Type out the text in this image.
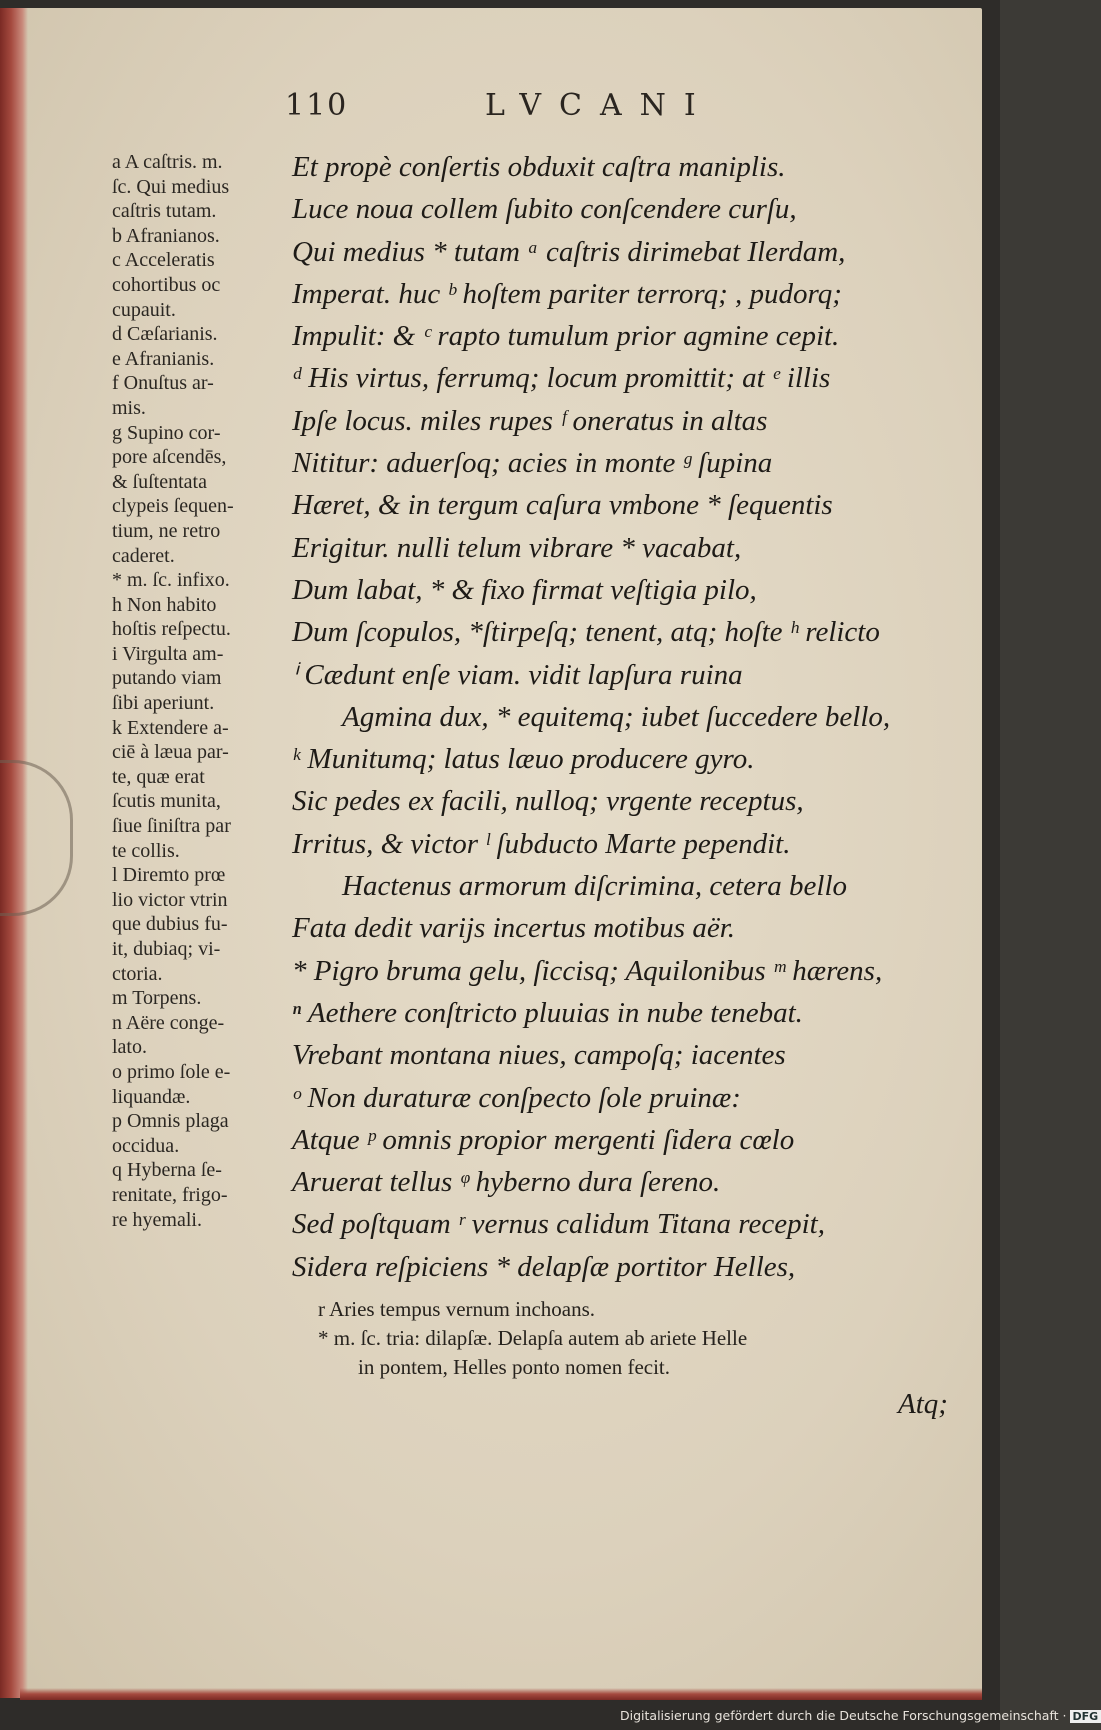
110	LVCANI
a A caſtris. m.
ſc. Qui medius
caſtris tutam.
b Afranianos.
c Acceleratis
cohortibus oc
cupauit.
d Cæſarianis.
e Afranianis.
f Onuſtus ar-
mis.
g Supino cor-
pore aſcendēs,
& ſuſtentata
clypeis ſequen-
tium, ne retro
caderet.
* m. ſc. infixo.
h Non habito
hoſtis reſpectu.
i Virgulta am-
putando viam
ſibi aperiunt.
k Extendere a-
ciē à læua par-
te, quæ erat
ſcutis munita,
ſiue ſiniſtra par
te collis.
l Diremto prœ
lio victor vtrin
que dubius fu-
it, dubiaq; vi-
ctoria.
m Torpens.
n Aëre conge-
lato.
o primo ſole e-
liquandæ.
p Omnis plaga
occidua.
q Hyberna ſe-
renitate, frigo-
re hyemali.
Et propè conſertis obduxit caſtra maniplis.
Luce noua collem ſubito conſcendere curſu,
Qui medius * tutam ᵃ caſtris dirimebat Ilerdam,
Imperat. huc ᵇ hoſtem pariter terrorq; , pudorq;
Impulit: & ᶜ rapto tumulum prior agmine cepit.
ᵈ His virtus, ferrumq; locum promittit; at ᵉ illis
Ipſe locus. miles rupes ᶠ oneratus in altas
Nititur: aduerſoq; acies in monte ᵍ ſupina
Hæret, & in tergum caſura vmbone * ſequentis
Erigitur. nulli telum vibrare * vacabat,
Dum labat, * & fixo firmat veſtigia pilo,
Dum ſcopulos, *ſtirpeſq; tenent, atq; hoſte ʰ relicto
ⁱ Cædunt enſe viam. vidit lapſura ruina
Agmina dux, * equitemq; iubet ſuccedere bello,
ᵏ Munitumq; latus læuo producere gyro.
Sic pedes ex facili, nulloq; vrgente receptus,
Irritus, & victor ˡ ſubducto Marte pependit.
Hactenus armorum diſcrimina, cetera bello
Fata dedit varijs incertus motibus aër.
* Pigro bruma gelu, ſiccisq; Aquilonibus ᵐ hærens,
ⁿ Aethere conſtricto pluuias in nube tenebat.
Vrebant montana niues, campoſq; iacentes
ᵒ Non duraturæ conſpecto ſole pruinæ:
Atque ᵖ omnis propior mergenti ſidera cœlo
Aruerat tellus ᵠ hyberno dura ſereno.
Sed poſtquam ʳ vernus calidum Titana recepit,
Sidera reſpiciens * delapſæ portitor Helles,
r Aries tempus vernum inchoans.
* m. ſc. tria: dilapſæ. Delapſa autem ab ariete Helle
in pontem, Helles ponto nomen fecit.
Atq;
Digitalisierung gefördert durch die Deutsche Forschungsgemeinschaft · DFG
